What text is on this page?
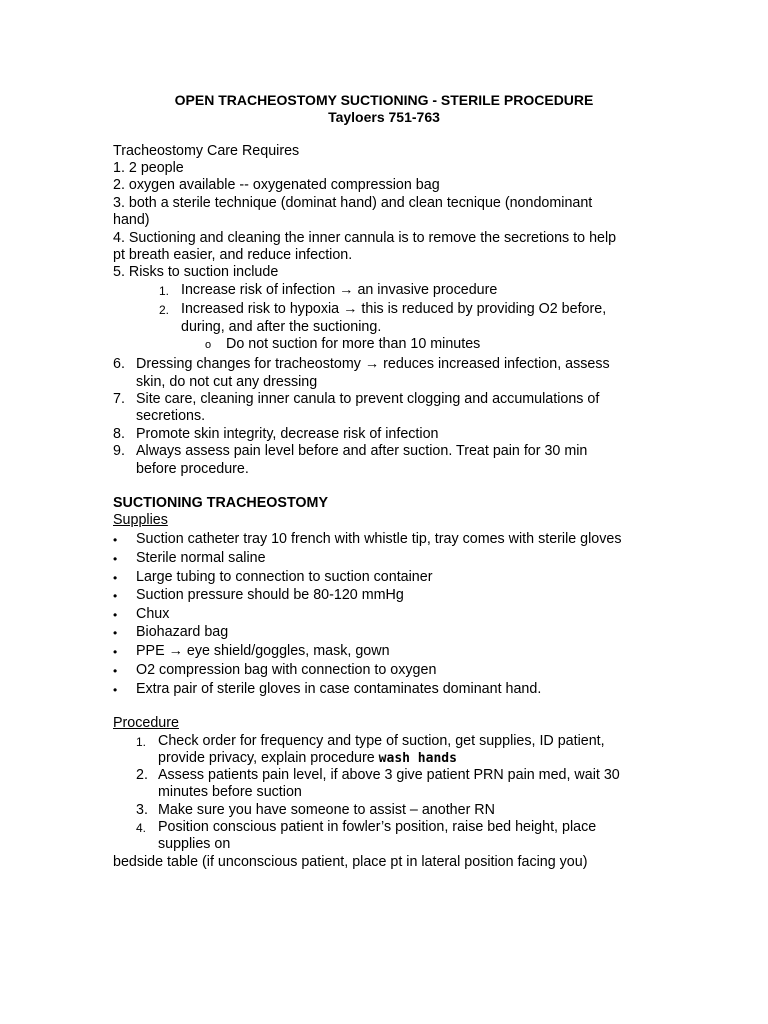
OPEN TRACHEOSTOMY SUCTIONING - STERILE PROCEDURE
Tayloers 751-763
Tracheostomy Care Requires
1. 2 people
2. oxygen available -- oxygenated compression bag
3. both a sterile technique (dominat hand) and clean tecnique (nondominant
hand)
4. Suctioning and cleaning the inner cannula is to remove the secretions to help
pt breath easier, and reduce infection.
5. Risks to suction include
1. Increase risk of infection → an invasive procedure
2. Increased risk to hypoxia → this is reduced by providing O2 before,
during, and after the suctioning.
o Do not suction for more than 10 minutes
6. Dressing changes for tracheostomy → reduces increased infection, assess
skin, do not cut any dressing
7. Site care, cleaning inner canula to prevent clogging and accumulations of
secretions.
8. Promote skin integrity, decrease risk of infection
9. Always assess pain level before and after suction. Treat pain for 30 min
before procedure.
SUCTIONING TRACHEOSTOMY
Supplies
• Suction catheter tray 10 french with whistle tip, tray comes with sterile gloves
• Sterile normal saline
• Large tubing to connection to suction container
• Suction pressure should be 80-120 mmHg
• Chux
• Biohazard bag
• PPE → eye shield/goggles, mask, gown
• O2 compression bag with connection to oxygen
• Extra pair of sterile gloves in case contaminates dominant hand.
Procedure
1. Check order for frequency and type of suction, get supplies, ID patient,
provide privacy, explain procedure wash hands
2. Assess patients pain level, if above 3 give patient PRN pain med, wait 30
minutes before suction
3. Make sure you have someone to assist – another RN
4. Position conscious patient in fowler’s position, raise bed height, place
supplies on
bedside table (if unconscious patient, place pt in lateral position facing you)
